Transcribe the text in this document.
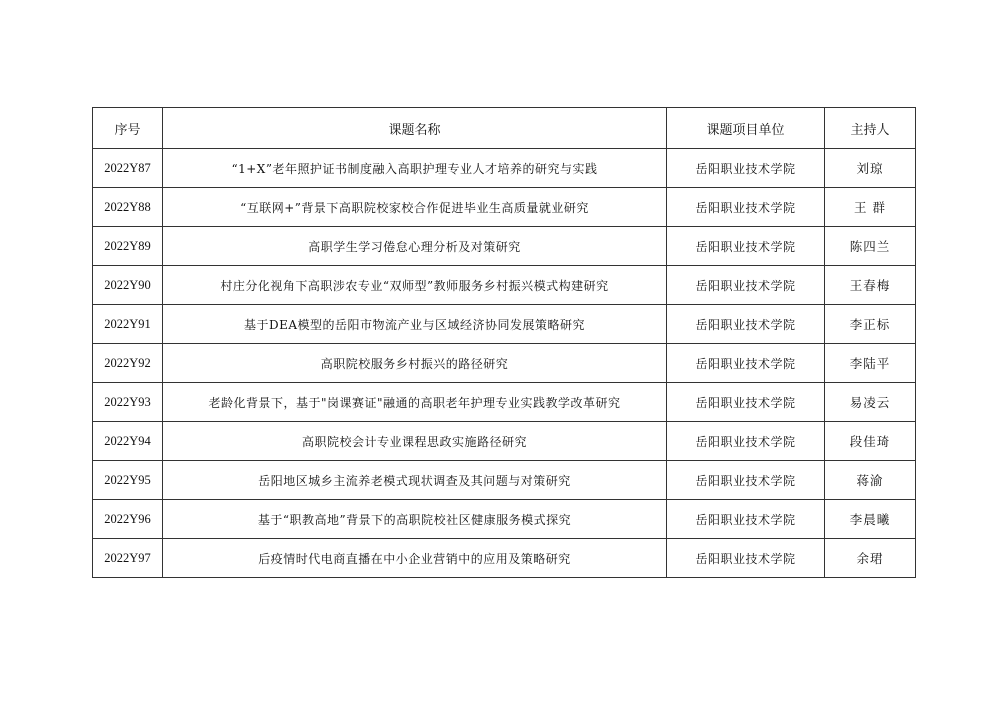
序号	课题名称	课题项目单位	主持人
2022Y87	“1+X”老年照护证书制度融入高职护理专业人才培养的研究与实践	岳阳职业技术学院	刘琼
2022Y88	“互联网+”背景下高职院校家校合作促进毕业生高质量就业研究	岳阳职业技术学院	王 群
2022Y89	高职学生学习倦怠心理分析及对策研究	岳阳职业技术学院	陈四兰
2022Y90	村庄分化视角下高职涉农专业“双师型”教师服务乡村振兴模式构建研究	岳阳职业技术学院	王春梅
2022Y91	基于DEA模型的岳阳市物流产业与区域经济协同发展策略研究	岳阳职业技术学院	李正标
2022Y92	高职院校服务乡村振兴的路径研究	岳阳职业技术学院	李陆平
2022Y93	老龄化背景下，基于"岗课赛证"融通的高职老年护理专业实践教学改革研究	岳阳职业技术学院	易凌云
2022Y94	高职院校会计专业课程思政实施路径研究	岳阳职业技术学院	段佳琦
2022Y95	岳阳地区城乡主流养老模式现状调查及其问题与对策研究	岳阳职业技术学院	蒋渝
2022Y96	基于“职教高地”背景下的高职院校社区健康服务模式探究	岳阳职业技术学院	李晨曦
2022Y97	后疫情时代电商直播在中小企业营销中的应用及策略研究	岳阳职业技术学院	余珺
